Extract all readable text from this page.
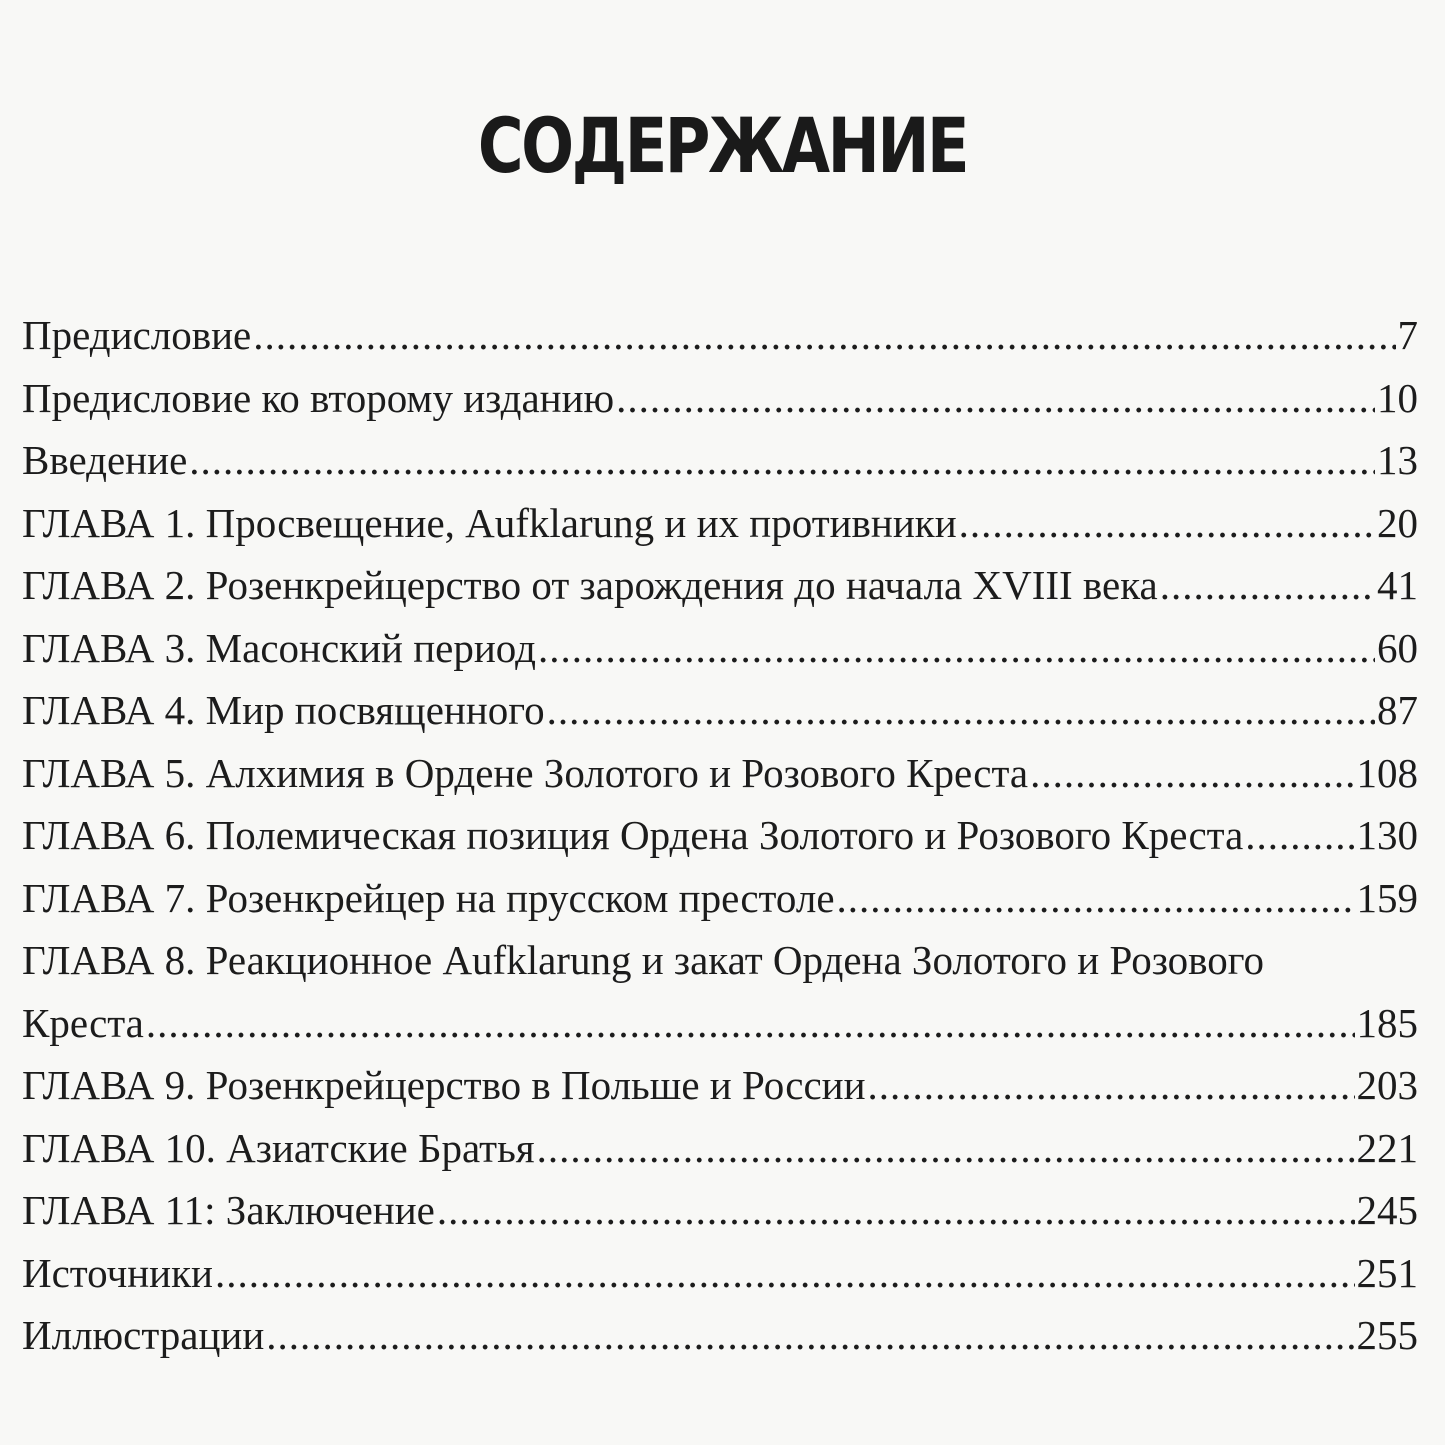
СОДЕРЖАНИЕ
Предисловие .....	7
Предисловие ко второму изданию .....	10
Введение .....	13
ГЛАВА 1. Просвещение, Aufklarung и их противники .....	20
ГЛАВА 2. Розенкрейцерство от зарождения до начала XVIII века .....	41
ГЛАВА 3. Масонский период .....	60
ГЛАВА 4. Мир посвященного .....	87
ГЛАВА 5. Алхимия в Ордене Золотого и Розового Креста .....	108
ГЛАВА 6. Полемическая позиция Ордена Золотого и Розового Креста .....	130
ГЛАВА 7. Розенкрейцер на прусском престоле .....	159
ГЛАВА 8. Реакционное Aufklarung и закат Ордена Золотого и Розового
Креста .....	185
ГЛАВА 9. Розенкрейцерство в Польше и России .....	203
ГЛАВА 10. Азиатские Братья .....	221
ГЛАВА 11: Заключение .....	245
Источники .....	251
Иллюстрации .....	255
